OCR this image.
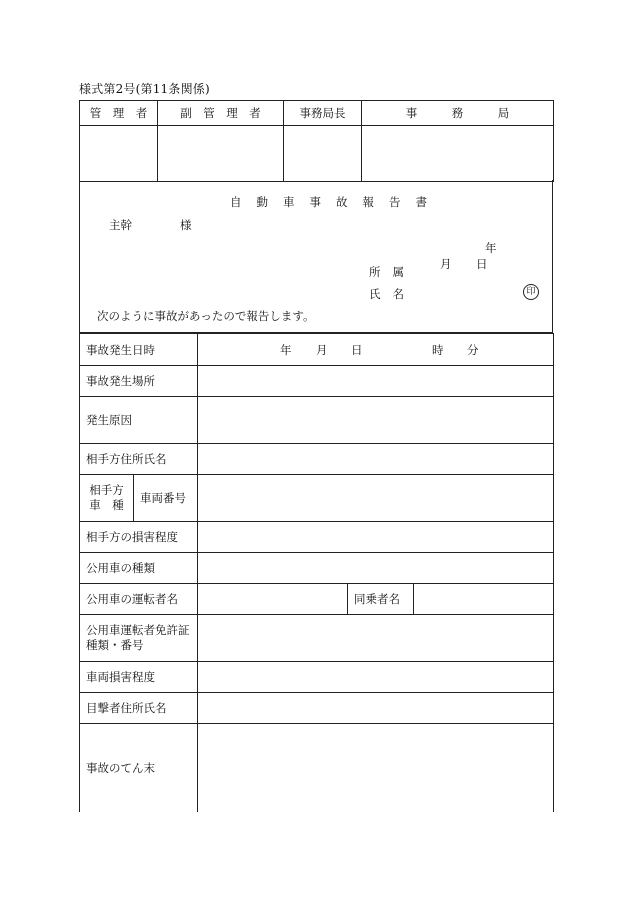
様式第2号(第11条関係)
管　理　者	副　管　理　者	事務局長	事　　　務　　　局

自動車事故報告書
主幹	様
年月 日
所属
氏名	印
次のように事故があったので報告します。
事故発生日時		年 月 日 時 分		

事故発生場所				
発生原因				
相手方住所氏名				

相手方
車　種	車両番号			
相手方の損害程度				
公用車の種類				
公用車の運転者名			同乗者名	

公用車運転者免許証
種類・番号				

車両損害程度				
目撃者住所氏名				
事故のてん末				
